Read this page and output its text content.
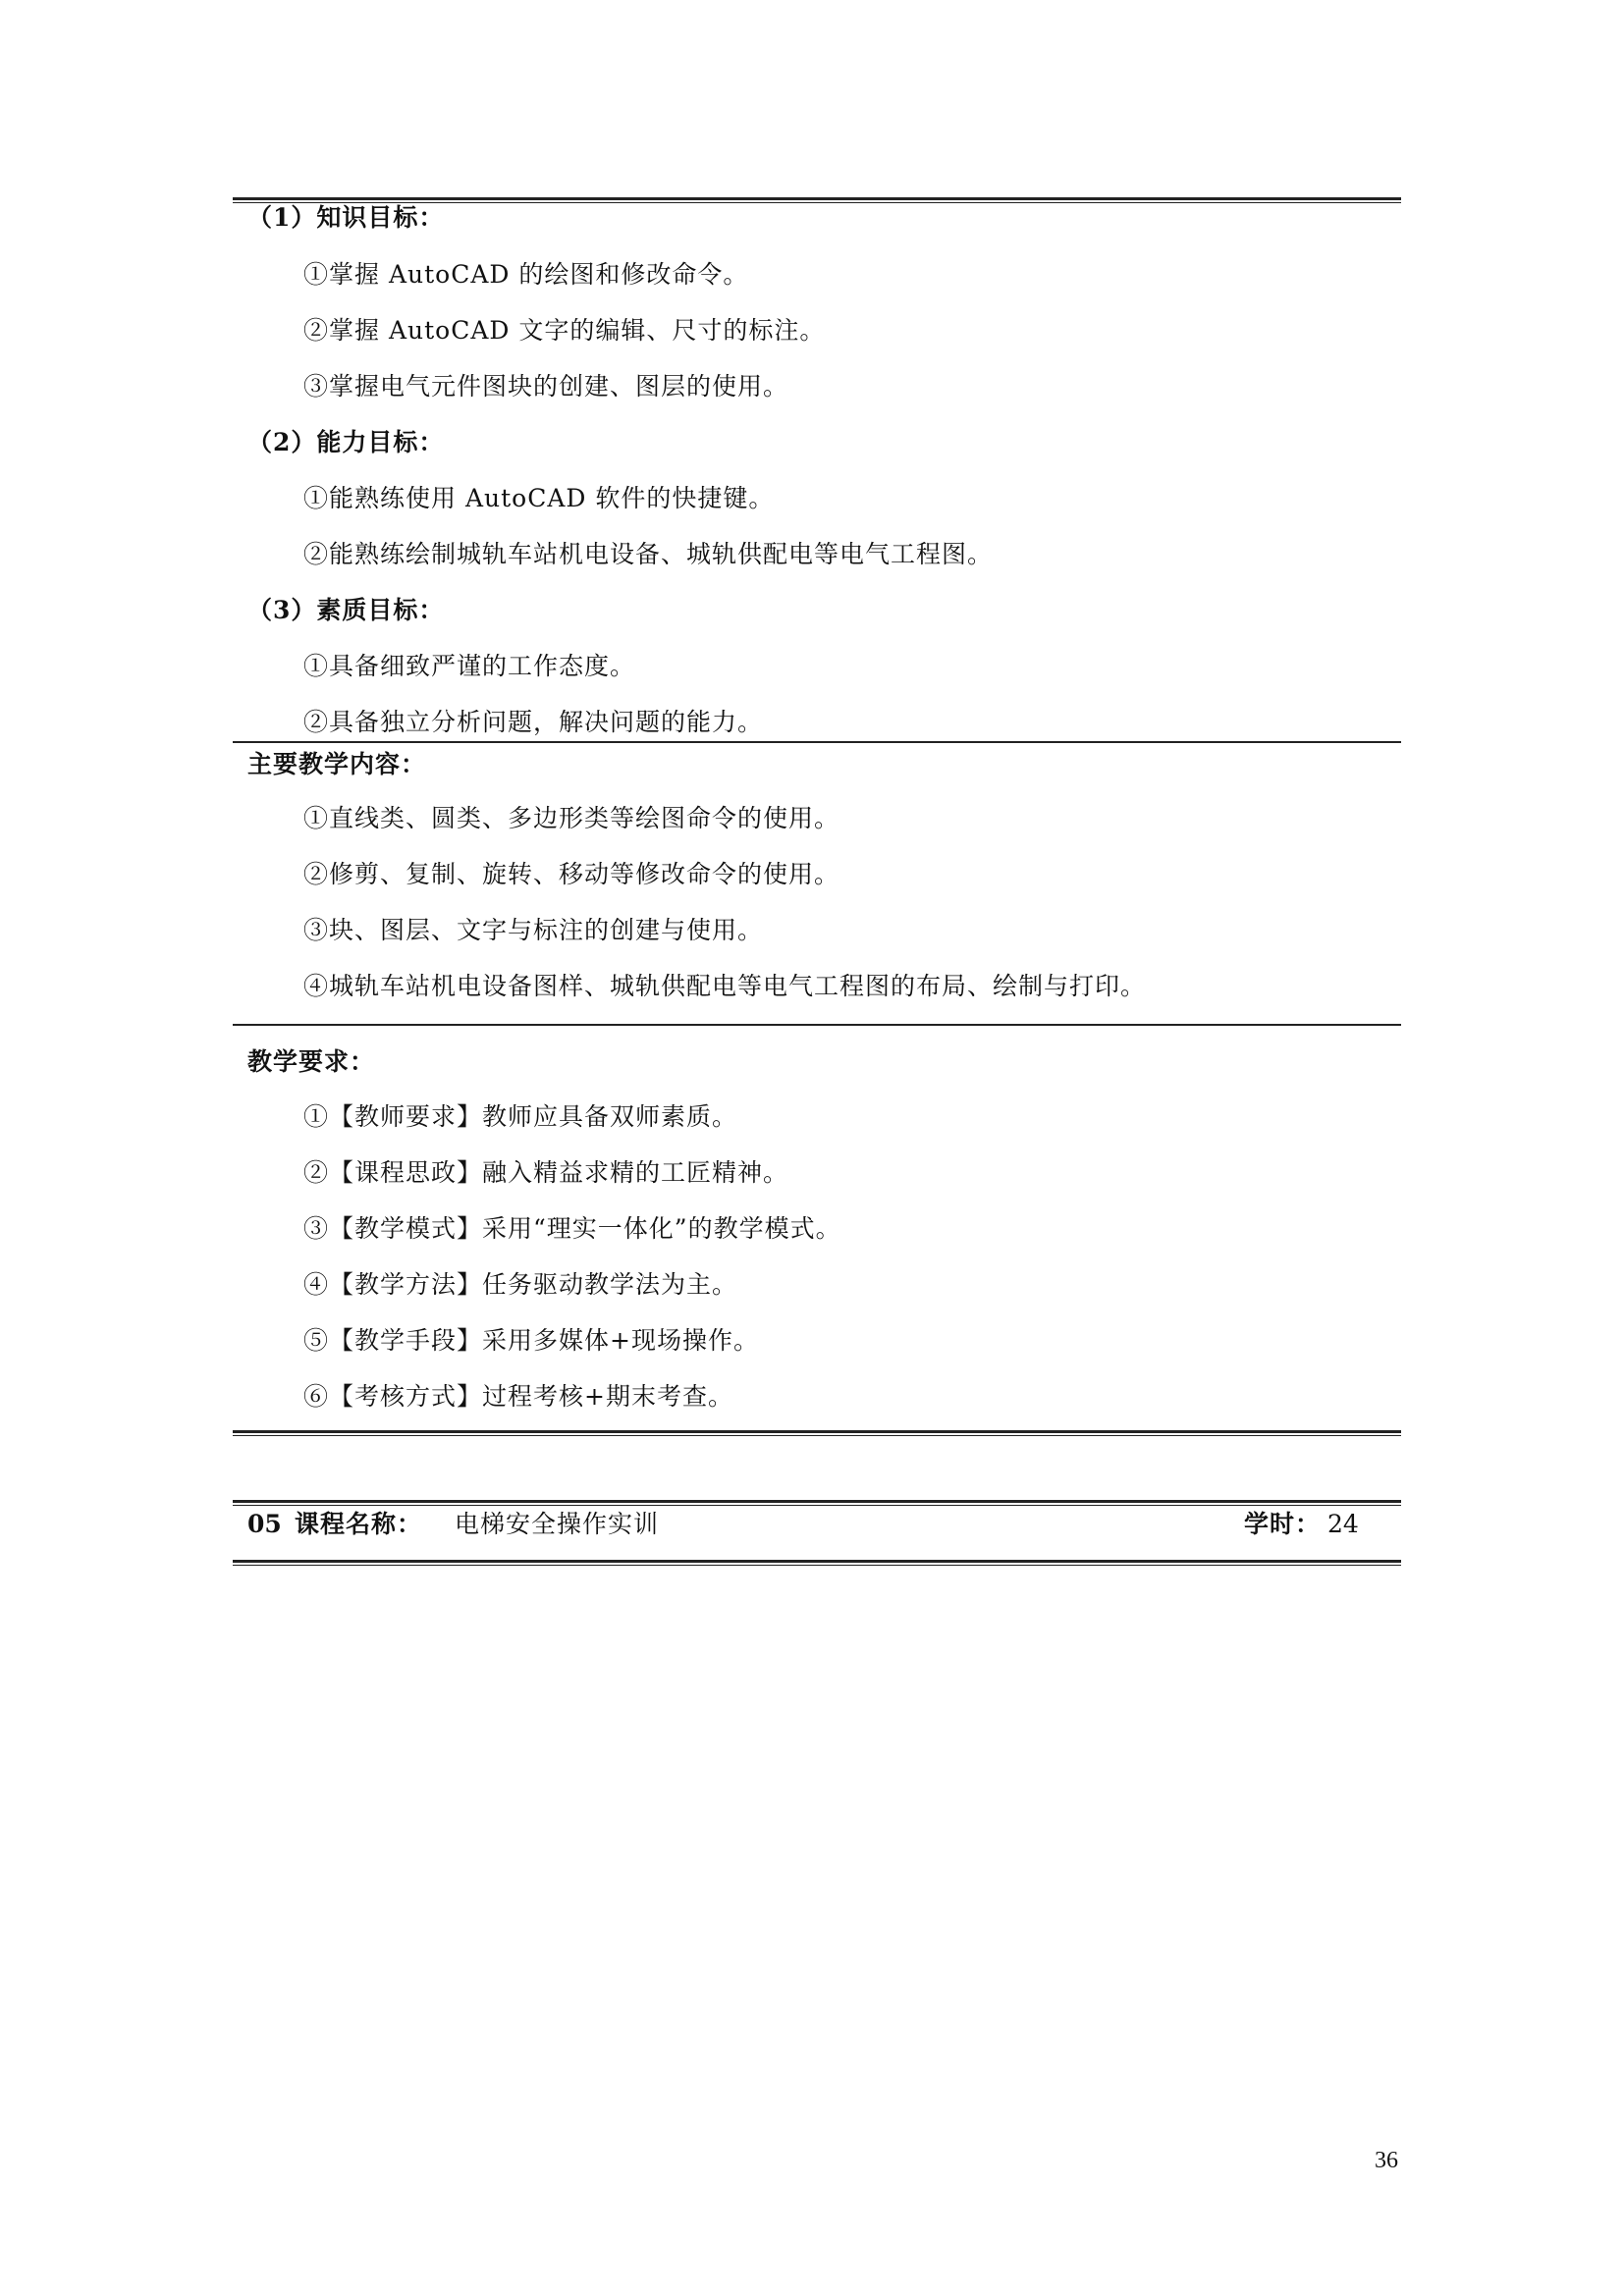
（1）知识目标：
①掌握 AutoCAD 的绘图和修改命令。
②掌握 AutoCAD 文字的编辑、尺寸的标注。
③掌握电气元件图块的创建、图层的使用。
（2）能力目标：
①能熟练使用 AutoCAD 软件的快捷键。
②能熟练绘制城轨车站机电设备、城轨供配电等电气工程图。
（3）素质目标：
①具备细致严谨的工作态度。
②具备独立分析问题，解决问题的能力。
主要教学内容：
①直线类、圆类、多边形类等绘图命令的使用。
②修剪、复制、旋转、移动等修改命令的使用。
③块、图层、文字与标注的创建与使用。
④城轨车站机电设备图样、城轨供配电等电气工程图的布局、绘制与打印。
教学要求：
①【教师要求】教师应具备双师素质。
②【课程思政】融入精益求精的工匠精神。
③【教学模式】采用“理实一体化”的教学模式。
④【教学方法】任务驱动教学法为主。
⑤【教学手段】采用多媒体+现场操作。
⑥【考核方式】过程考核+期末考查。
05 课程名称： 电梯安全操作实训	学时： 24
36
